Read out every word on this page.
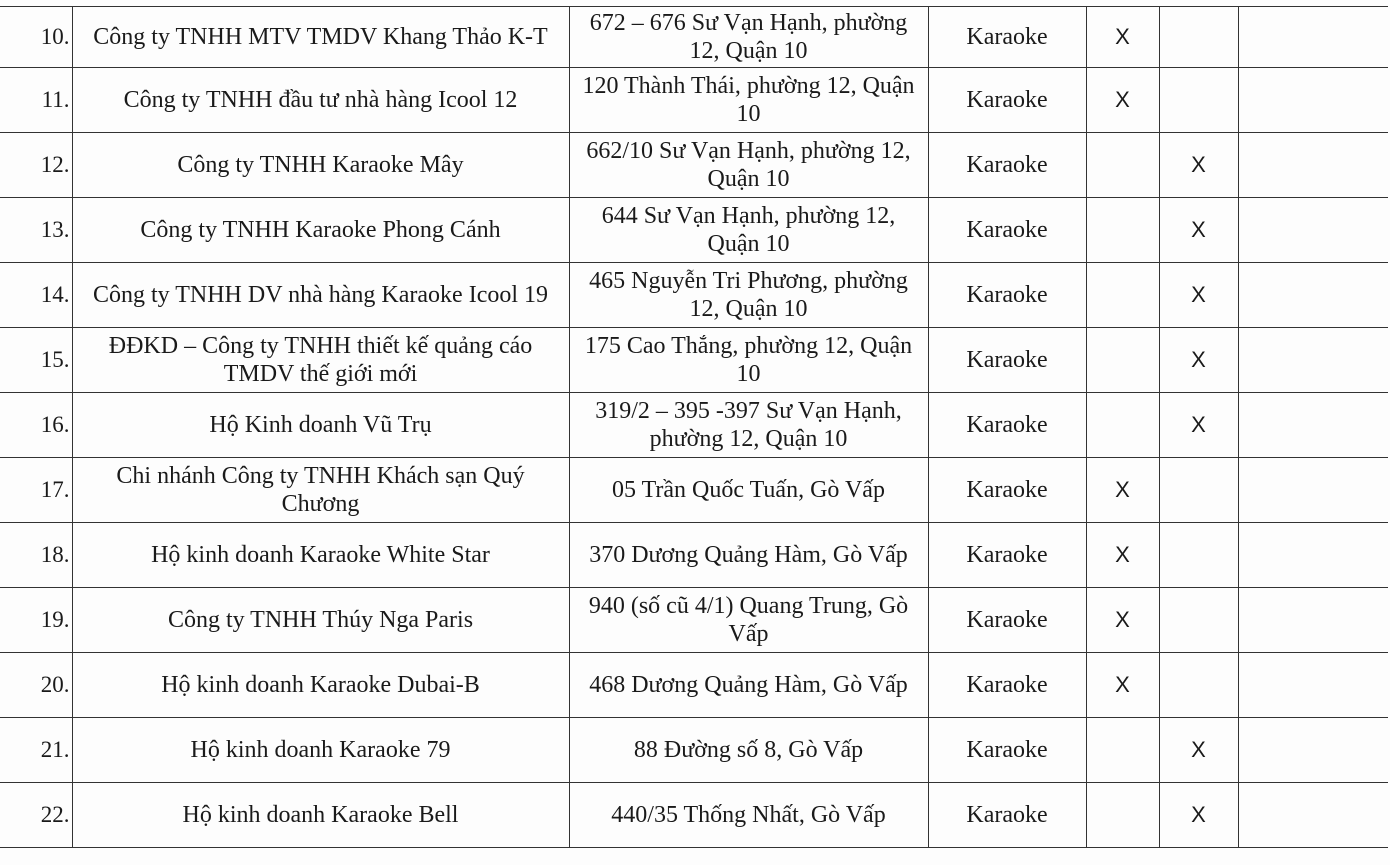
10.	Công ty TNHH MTV TMDV Khang Thảo K-T	672 – 676 Sư Vạn Hạnh, phường 12, Quận 10	Karaoke	X		
11.	Công ty TNHH đầu tư nhà hàng Icool 12	120 Thành Thái, phường 12, Quận 10	Karaoke	X		
12.	Công ty TNHH Karaoke Mây	662/10 Sư Vạn Hạnh, phường 12, Quận 10	Karaoke		X	
13.	Công ty TNHH Karaoke Phong Cánh	644 Sư Vạn Hạnh, phường 12, Quận 10	Karaoke		X	
14.	Công ty TNHH DV nhà hàng Karaoke Icool 19	465 Nguyễn Tri Phương, phường 12, Quận 10	Karaoke		X	
15.	ĐĐKD – Công ty TNHH thiết kế quảng cáo TMDV thế giới mới	175 Cao Thắng, phường 12, Quận 10	Karaoke		X	
16.	Hộ Kinh doanh Vũ Trụ	319/2 – 395 -397 Sư Vạn Hạnh, phường 12, Quận 10	Karaoke		X	
17.	Chi nhánh Công ty TNHH Khách sạn Quý Chương	05 Trần Quốc Tuấn, Gò Vấp	Karaoke	X		
18.	Hộ kinh doanh Karaoke White Star	370 Dương Quảng Hàm, Gò Vấp	Karaoke	X		
19.	Công ty TNHH Thúy Nga Paris	940 (số cũ 4/1) Quang Trung, Gò Vấp	Karaoke	X		
20.	Hộ kinh doanh Karaoke Dubai-B	468 Dương Quảng Hàm, Gò Vấp	Karaoke	X		
21.	Hộ kinh doanh Karaoke 79	88 Đường số 8, Gò Vấp	Karaoke		X	
22.	Hộ kinh doanh Karaoke Bell	440/35 Thống Nhất, Gò Vấp	Karaoke		X	
